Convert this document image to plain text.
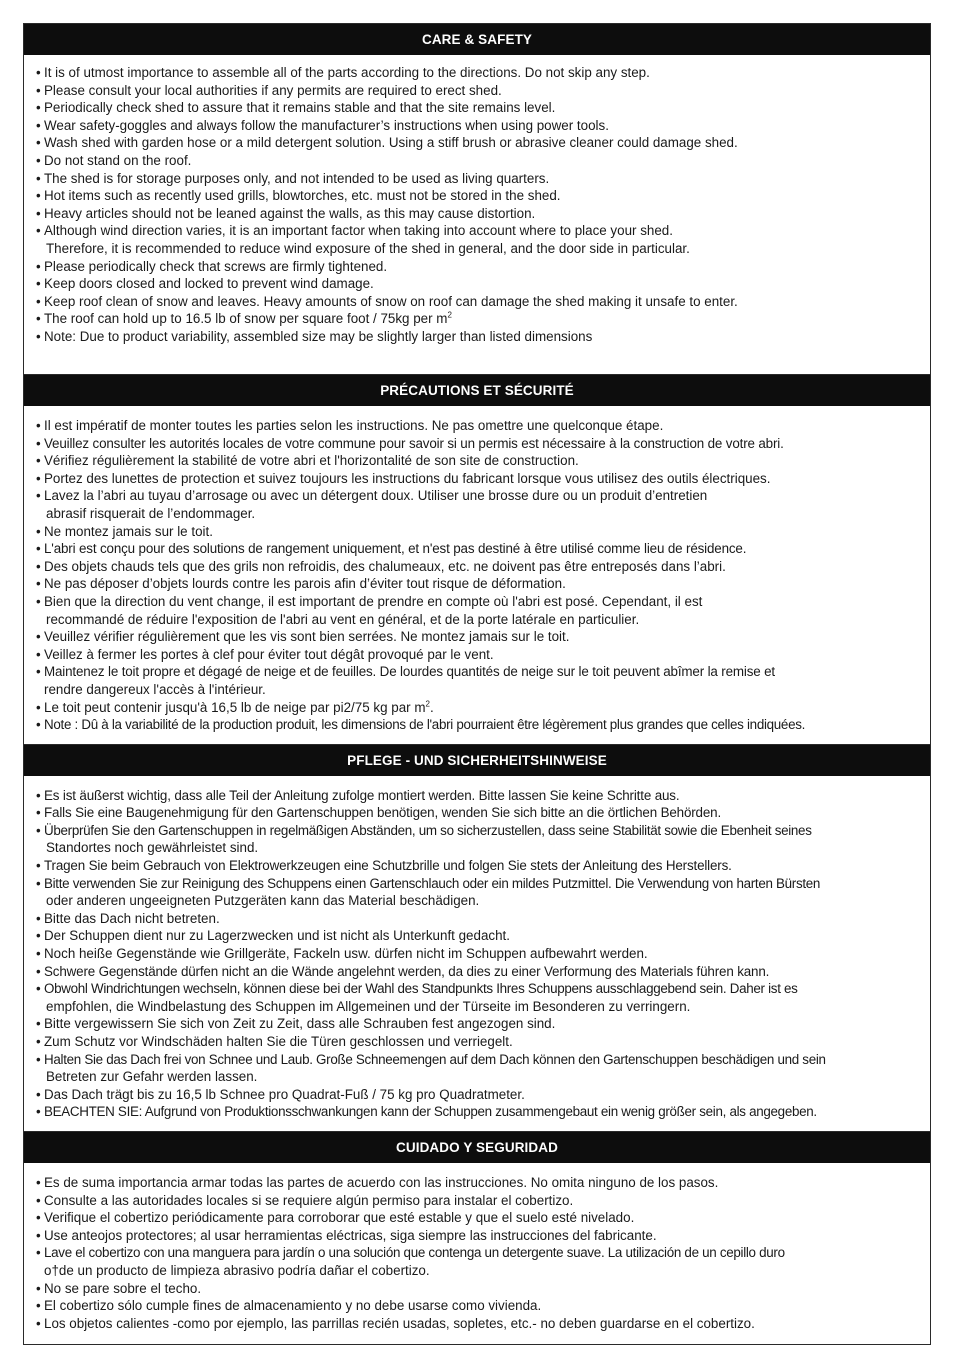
CARE & SAFETY
• It is of utmost importance to assemble all of the parts according to the directions. Do not skip any step.
• Please consult your local authorities if any permits are required to erect shed.
• Periodically check shed to assure that it remains stable and that the site remains level.
• Wear safety-goggles and always follow the manufacturer’s instructions when using power tools.
• Wash shed with garden hose or a mild detergent solution. Using a stiff brush or abrasive cleaner could damage shed.
• Do not stand on the roof.
• The shed is for storage purposes only, and not intended to be used as living quarters.
• Hot items such as recently used grills, blowtorches, etc. must not be stored in the shed.
• Heavy articles should not be leaned against the walls, as this may cause distortion.
• Although wind direction varies, it is an important factor when taking into account where to place your shed.
Therefore, it is recommended to reduce wind exposure of the shed in general, and the door side in particular.
• Please periodically check that screws are firmly tightened.
• Keep doors closed and locked to prevent wind damage.
• Keep roof clean of snow and leaves. Heavy amounts of snow on roof can damage the shed making it unsafe to enter.
• The roof can hold up to 16.5 lb of snow per square foot / 75kg per $m^2$
• Note: Due to product variability, assembled size may be slightly larger than listed dimensions
PRÉCAUTIONS ET SÉCURITÉ
• Il est impératif de monter toutes les parties selon les instructions. Ne pas omettre une quelconque étape.
• Veuillez consulter les autorités locales de votre commune pour savoir si un permis est nécessaire à la construction de votre abri.
• Vérifiez régulièrement la stabilité de votre abri et l'horizontalité de son site de construction.
• Portez des lunettes de protection et suivez toujours les instructions du fabricant lorsque vous utilisez des outils électriques.
• Lavez la l’abri au tuyau d’arrosage ou avec un détergent doux. Utiliser une brosse dure ou un produit d’entretien
abrasif risquerait de l’endommager.
• Ne montez jamais sur le toit.
• L'abri est conçu pour des solutions de rangement uniquement, et n'est pas destiné à être utilisé comme lieu de résidence.
• Des objets chauds tels que des grils non refroidis, des chalumeaux, etc. ne doivent pas être entreposés dans l’abri.
• Ne pas déposer d’objets lourds contre les parois afin d’éviter tout risque de déformation.
• Bien que la direction du vent change, il est important de prendre en compte où l'abri est posé. Cependant, il est
recommandé de réduire l'exposition de l'abri au vent en général, et de la porte latérale en particulier.
• Veuillez vérifier régulièrement que les vis sont bien serrées. Ne montez jamais sur le toit.
• Veillez à fermer les portes à clef pour éviter tout dégât provoqué par le vent.
• Maintenez le toit propre et dégagé de neige et de feuilles. De lourdes quantités de neige sur le toit peuvent abîmer la remise et
rendre dangereux l'accès à l'intérieur.
• Le toit peut contenir jusqu'à 16,5 lb de neige par pi2/75 kg par $m^2$.
• Note : Dû à la variabilité de la production produit, les dimensions de l'abri pourraient être légèrement plus grandes que celles indiquées.
PFLEGE - UND SICHERHEITSHINWEISE
• Es ist äußerst wichtig, dass alle Teil der Anleitung zufolge montiert werden. Bitte lassen Sie keine Schritte aus.
• Falls Sie eine Baugenehmigung für den Gartenschuppen benötigen, wenden Sie sich bitte an die örtlichen Behörden.
• Überprüfen Sie den Gartenschuppen in regelmäßigen Abständen, um so sicherzustellen, dass seine Stabilität sowie die Ebenheit seines
Standortes noch gewährleistet sind.
• Tragen Sie beim Gebrauch von Elektrowerkzeugen eine Schutzbrille und folgen Sie stets der Anleitung des Herstellers.
• Bitte verwenden Sie zur Reinigung des Schuppens einen Gartenschlauch oder ein mildes Putzmittel. Die Verwendung von harten Bürsten
oder anderen ungeeigneten Putzgeräten kann das Material beschädigen.
• Bitte das Dach nicht betreten.
• Der Schuppen dient nur zu Lagerzwecken und ist nicht als Unterkunft gedacht.
• Noch heiße Gegenstände wie Grillgeräte, Fackeln usw. dürfen nicht im Schuppen aufbewahrt werden.
• Schwere Gegenstände dürfen nicht an die Wände angelehnt werden, da dies zu einer Verformung des Materials führen kann.
• Obwohl Windrichtungen wechseln, können diese bei der Wahl des Standpunkts Ihres Schuppens ausschlaggebend sein. Daher ist es
empfohlen, die Windbelastung des Schuppen im Allgemeinen und der Türseite im Besonderen zu verringern.
• Bitte vergewissern Sie sich von Zeit zu Zeit, dass alle Schrauben fest angezogen sind.
• Zum Schutz vor Windschäden halten Sie die Türen geschlossen und verriegelt.
• Halten Sie das Dach frei von Schnee und Laub. Große Schneemengen auf dem Dach können den Gartenschuppen beschädigen und sein
Betreten zur Gefahr werden lassen.
• Das Dach trägt bis zu 16,5 lb Schnee pro Quadrat-Fuß / 75 kg pro Quadratmeter.
• BEACHTEN SIE: Aufgrund von Produktionsschwankungen kann der Schuppen zusammengebaut ein wenig größer sein, als angegeben.
CUIDADO Y SEGURIDAD
• Es de suma importancia armar todas las partes de acuerdo con las instrucciones. No omita ninguno de los pasos.
• Consulte a las autoridades locales si se requiere algún permiso para instalar el cobertizo.
• Verifique el cobertizo periódicamente para corroborar que esté estable y que el suelo esté nivelado.
• Use anteojos protectores; al usar herramientas eléctricas, siga siempre las instrucciones del fabricante.
• Lave el cobertizo con una manguera para jardín o una solución que contenga un detergente suave. La utilización de un cepillo duro
o†de un producto de limpieza abrasivo podría dañar el cobertizo.
• No se pare sobre el techo.
• El cobertizo sólo cumple fines de almacenamiento y no debe usarse como vivienda.
• Los objetos calientes -como por ejemplo, las parrillas recién usadas, sopletes, etc.- no deben guardarse en el cobertizo.
